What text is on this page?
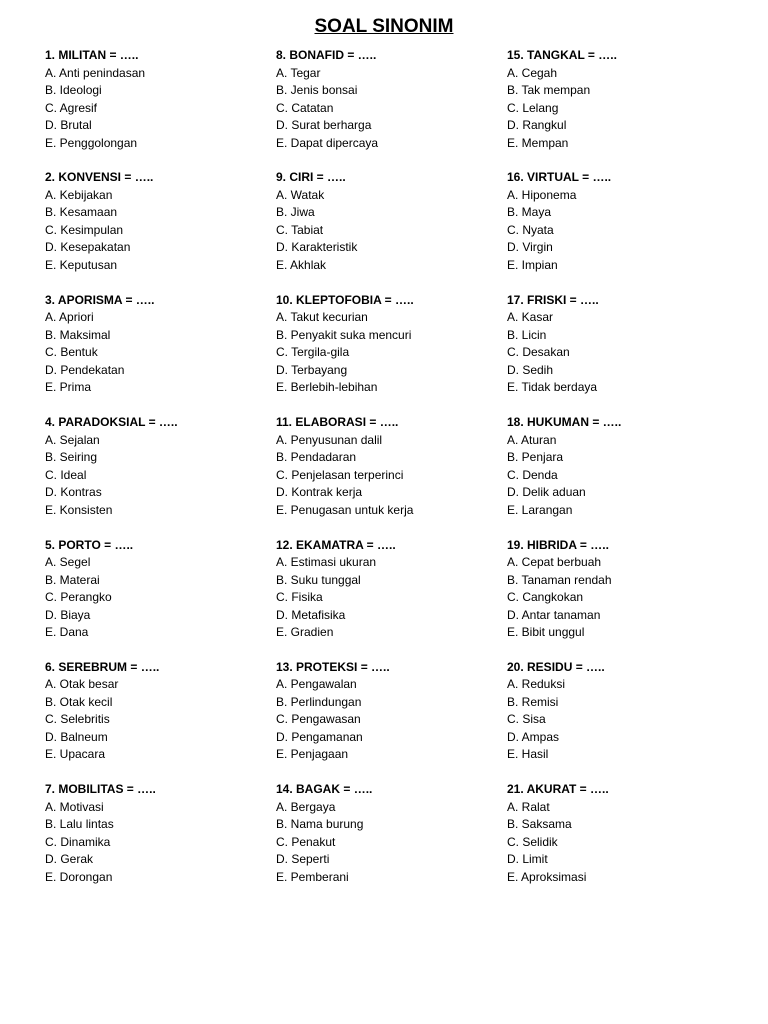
SOAL SINONIM
1. MILITAN = …..
A. Anti penindasan
B. Ideologi
C. Agresif
D. Brutal
E. Penggolongan
2. KONVENSI = …..
A. Kebijakan
B. Kesamaan
C. Kesimpulan
D. Kesepakatan
E. Keputusan
3. APORISMA = …..
A. Apriori
B. Maksimal
C. Bentuk
D. Pendekatan
E. Prima
4. PARADOKSIAL = …..
A. Sejalan
B. Seiring
C. Ideal
D. Kontras
E. Konsisten
5. PORTO = …..
A. Segel
B. Materai
C. Perangko
D. Biaya
E. Dana
6. SEREBRUM = …..
A. Otak besar
B. Otak kecil
C. Selebritis
D. Balneum
E. Upacara
7. MOBILITAS = …..
A. Motivasi
B. Lalu lintas
C. Dinamika
D. Gerak
E. Dorongan
8. BONAFID = …..
A. Tegar
B. Jenis bonsai
C. Catatan
D. Surat berharga
E. Dapat dipercaya
9. CIRI = …..
A. Watak
B. Jiwa
C. Tabiat
D. Karakteristik
E. Akhlak
10. KLEPTOFOBIA = …..
A. Takut kecurian
B. Penyakit suka mencuri
C. Tergila-gila
D. Terbayang
E. Berlebih-lebihan
11. ELABORASI = …..
A. Penyusunan dalil
B. Pendadaran
C. Penjelasan terperinci
D. Kontrak kerja
E. Penugasan untuk kerja
12. EKAMATRA = …..
A. Estimasi ukuran
B. Suku tunggal
C. Fisika
D. Metafisika
E. Gradien
13. PROTEKSI = …..
A. Pengawalan
B. Perlindungan
C. Pengawasan
D. Pengamanan
E. Penjagaan
14. BAGAK = …..
A. Bergaya
B. Nama burung
C. Penakut
D. Seperti
E. Pemberani
15. TANGKAL = …..
A. Cegah
B. Tak mempan
C. Lelang
D. Rangkul
E. Mempan
16. VIRTUAL = …..
A. Hiponema
B. Maya
C. Nyata
D. Virgin
E. Impian
17. FRISKI = …..
A. Kasar
B. Licin
C. Desakan
D. Sedih
E. Tidak berdaya
18. HUKUMAN = …..
A. Aturan
B. Penjara
C. Denda
D. Delik aduan
E. Larangan
19. HIBRIDA = …..
A. Cepat berbuah
B. Tanaman rendah
C. Cangkokan
D. Antar tanaman
E. Bibit unggul
20. RESIDU = …..
A. Reduksi
B. Remisi
C. Sisa
D. Ampas
E. Hasil
21. AKURAT = …..
A. Ralat
B. Saksama
C. Selidik
D. Limit
E. Aproksimasi
